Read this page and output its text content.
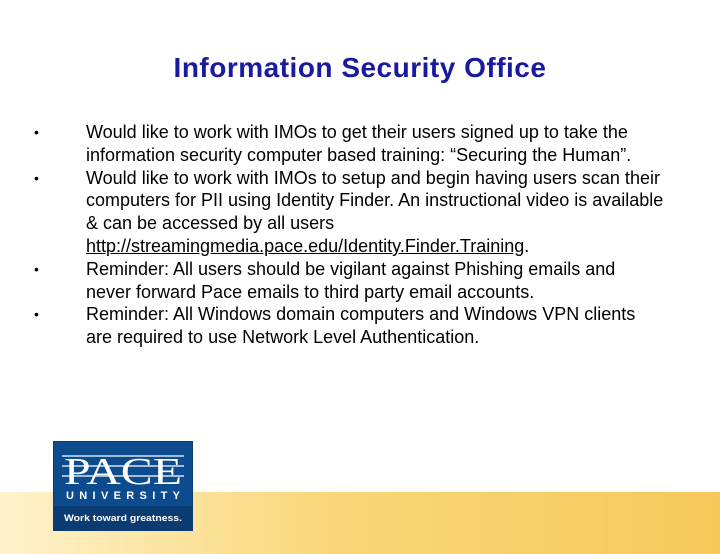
Information Security Office
•	Would like to work with IMOs to get their users signed up to take the information security computer based training: “Securing the Human”.
•	Would like to work with IMOs to setup and begin having users scan their computers for PII using Identity Finder. An instructional video is available & can be accessed by all users http://streamingmedia.pace.edu/Identity.Finder.Training.
•	Reminder: All users should be vigilant against Phishing emails and never forward Pace emails to third party email accounts.
•	Reminder: All Windows domain computers and Windows VPN clients are required to use Network Level Authentication.
PACE
UNIVERSITY
Work toward greatness.
